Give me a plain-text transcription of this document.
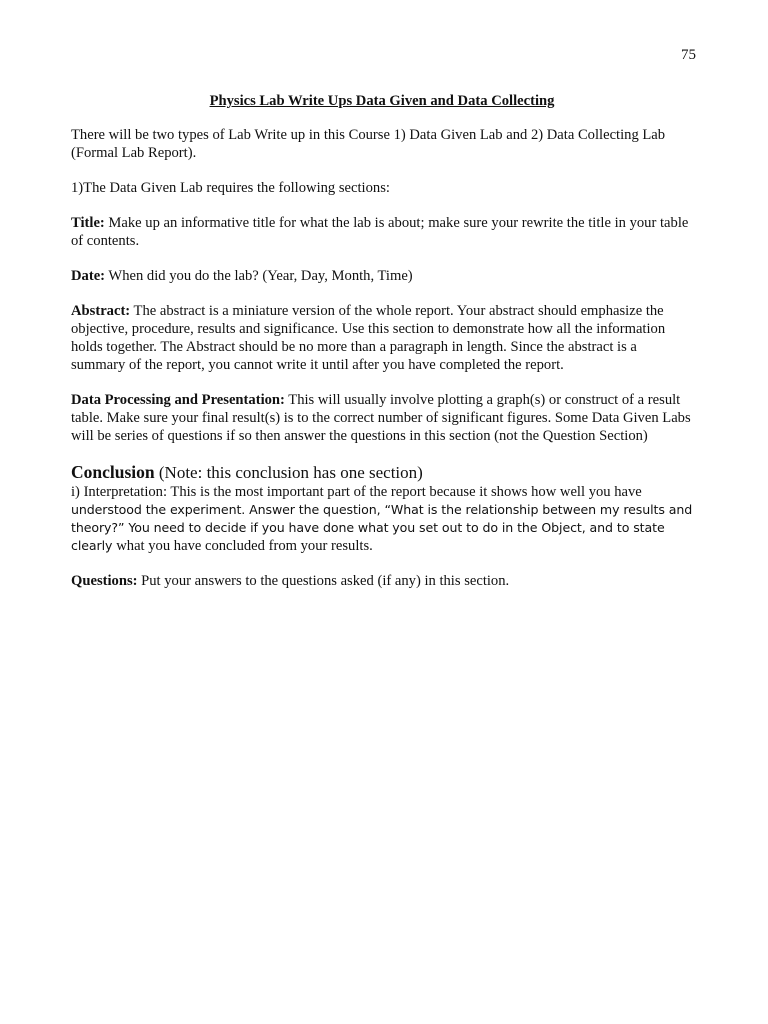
75
Physics Lab Write Ups Data Given and Data Collecting

There will be two types of Lab Write up in this Course 1) Data Given Lab and 2) Data Collecting Lab (Formal Lab Report).

1)The Data Given Lab requires the following sections:

Title: Make up an informative title for what the lab is about; make sure your rewrite the title in your table of contents.

Date: When did you do the lab? (Year, Day, Month, Time)

Abstract: The abstract is a miniature version of the whole report. Your abstract should emphasize the objective, procedure, results and significance. Use this section to demonstrate how all the information holds together. The Abstract should be no more than a paragraph in length. Since the abstract is a summary of the report, you cannot write it until after you have completed the report.

Data Processing and Presentation: This will usually involve plotting a graph(s) or construct of a result table. Make sure your final result(s) is to the correct number of significant figures. Some Data Given Labs will be series of questions if so then answer the questions in this section (not the Question Section)

Conclusion (Note: this conclusion has one section)

i) Interpretation: This is the most important part of the report because it shows how well you have understood the experiment. Answer the question, “What is the relationship between my results and theory?” You need to decide if you have done what you set out to do in the Object, and to state clearly what you have concluded from your results.

Questions: Put your answers to the questions asked (if any) in this section.
